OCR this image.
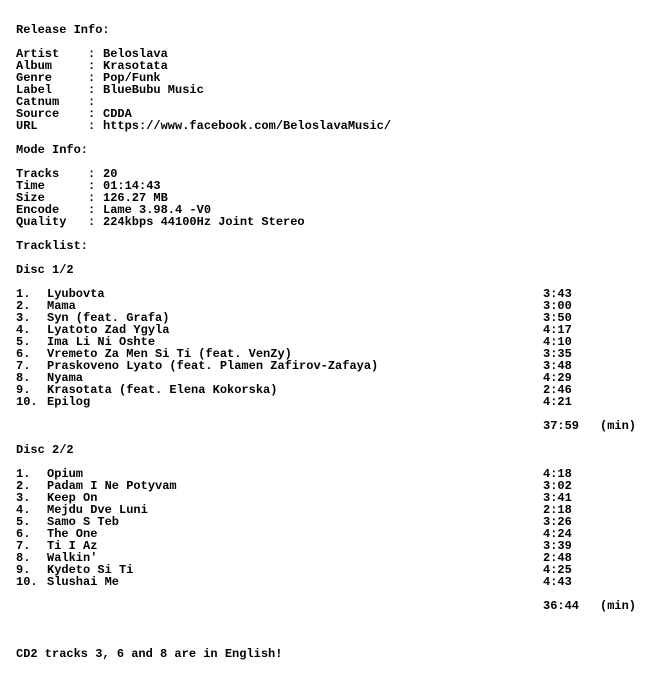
Release Info:
Artist : Beloslava
Album	: Krasotata
Genre	: Pop/Funk
Label	: BlueBubu Music
Catnum :
Source : CDDA
URL	: https://www.facebook.com/BeloslavaMusic/
Mode Info:
Tracks : 20
Time	: 01:14:43
Size	: 126.27 MB
Encode : Lame 3.98.4 -V0
Quality : 224kbps 44100Hz Joint Stereo
Tracklist:
Disc 1/2
1. Lyubovta	3:43
2. Mama	3:00
3. Syn (feat. Grafa)	3:50
4. Lyatoto Zad Ygyla	4:17
5. Ima Li Ni Oshte	4:10
6. Vremeto Za Men Si Ti (feat. VenZy)	3:35
7. Praskoveno Lyato (feat. Plamen Zafirov-Zafaya)	3:48
8. Nyama	4:29
9. Krasotata (feat. Elena Kokorska)	2:46
10. Epilog	4:21
37:59 (min)
Disc 2/2
1. Opium	4:18
2. Padam I Ne Potyvam	3:02
3. Keep On	3:41
4. Mejdu Dve Luni	2:18
5. Samo S Teb	3:26
6. The One	4:24
7. Ti I Az	3:39
8. Walkin'	2:48
9. Kydeto Si Ti	4:25
10. Slushai Me	4:43
36:44 (min)
CD2 tracks 3, 6 and 8 are in English!
